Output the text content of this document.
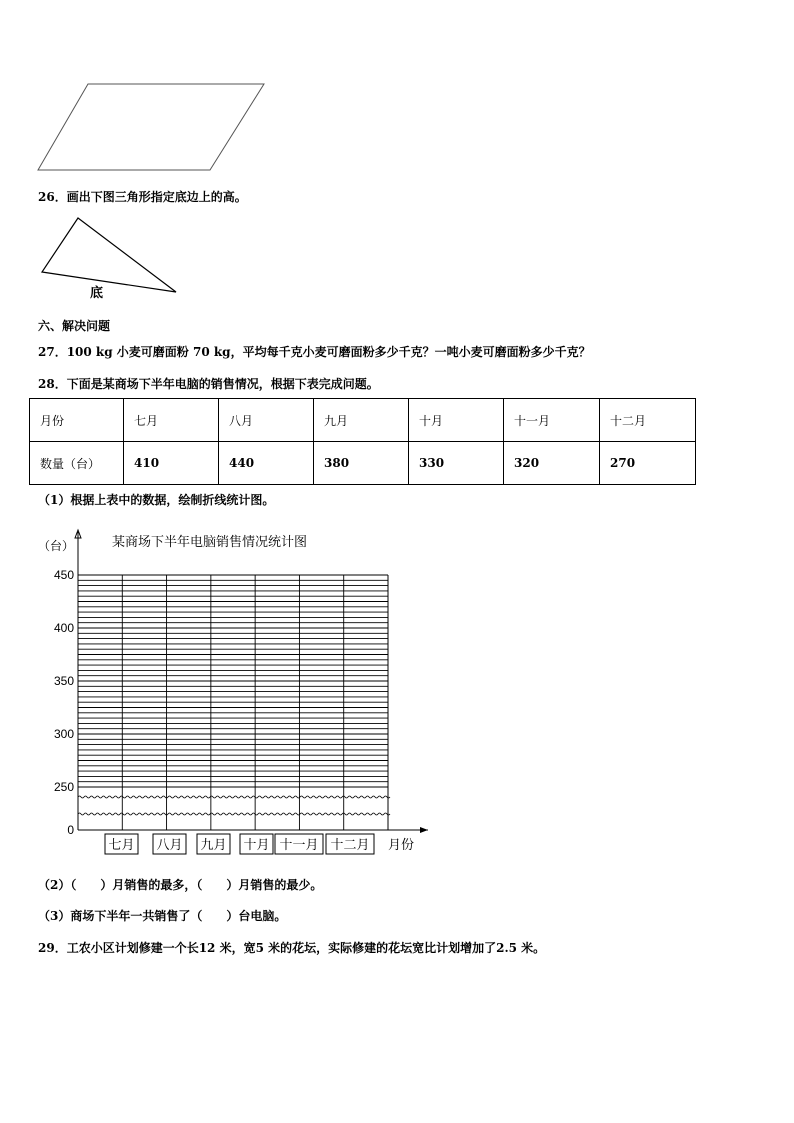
26．画出下图三角形指定底边上的高。
底
六、解决问题
27．100 kg 小麦可磨面粉 70 kg，平均每千克小麦可磨面粉多少千克？一吨小麦可磨面粉多少千克？
28．下面是某商场下半年电脑的销售情况，根据下表完成问题。
月份	七月	八月	九月	十月	十一月	十二月
数量（台）	410	440	380	330	320	270
（1）根据上表中的数据，绘制折线统计图。
0
250
300
350
400
450
某商场下半年电脑销售情况统计图
（台）
月份
七月 八月 九月 十月 十一月 十二月
（2）（　　）月销售的最多，（　　）月销售的最少。
（3）商场下半年一共销售了（　　）台电脑。
29．工农小区计划修建一个长12 米，宽5 米的花坛，实际修建的花坛宽比计划增加了2.5 米。
